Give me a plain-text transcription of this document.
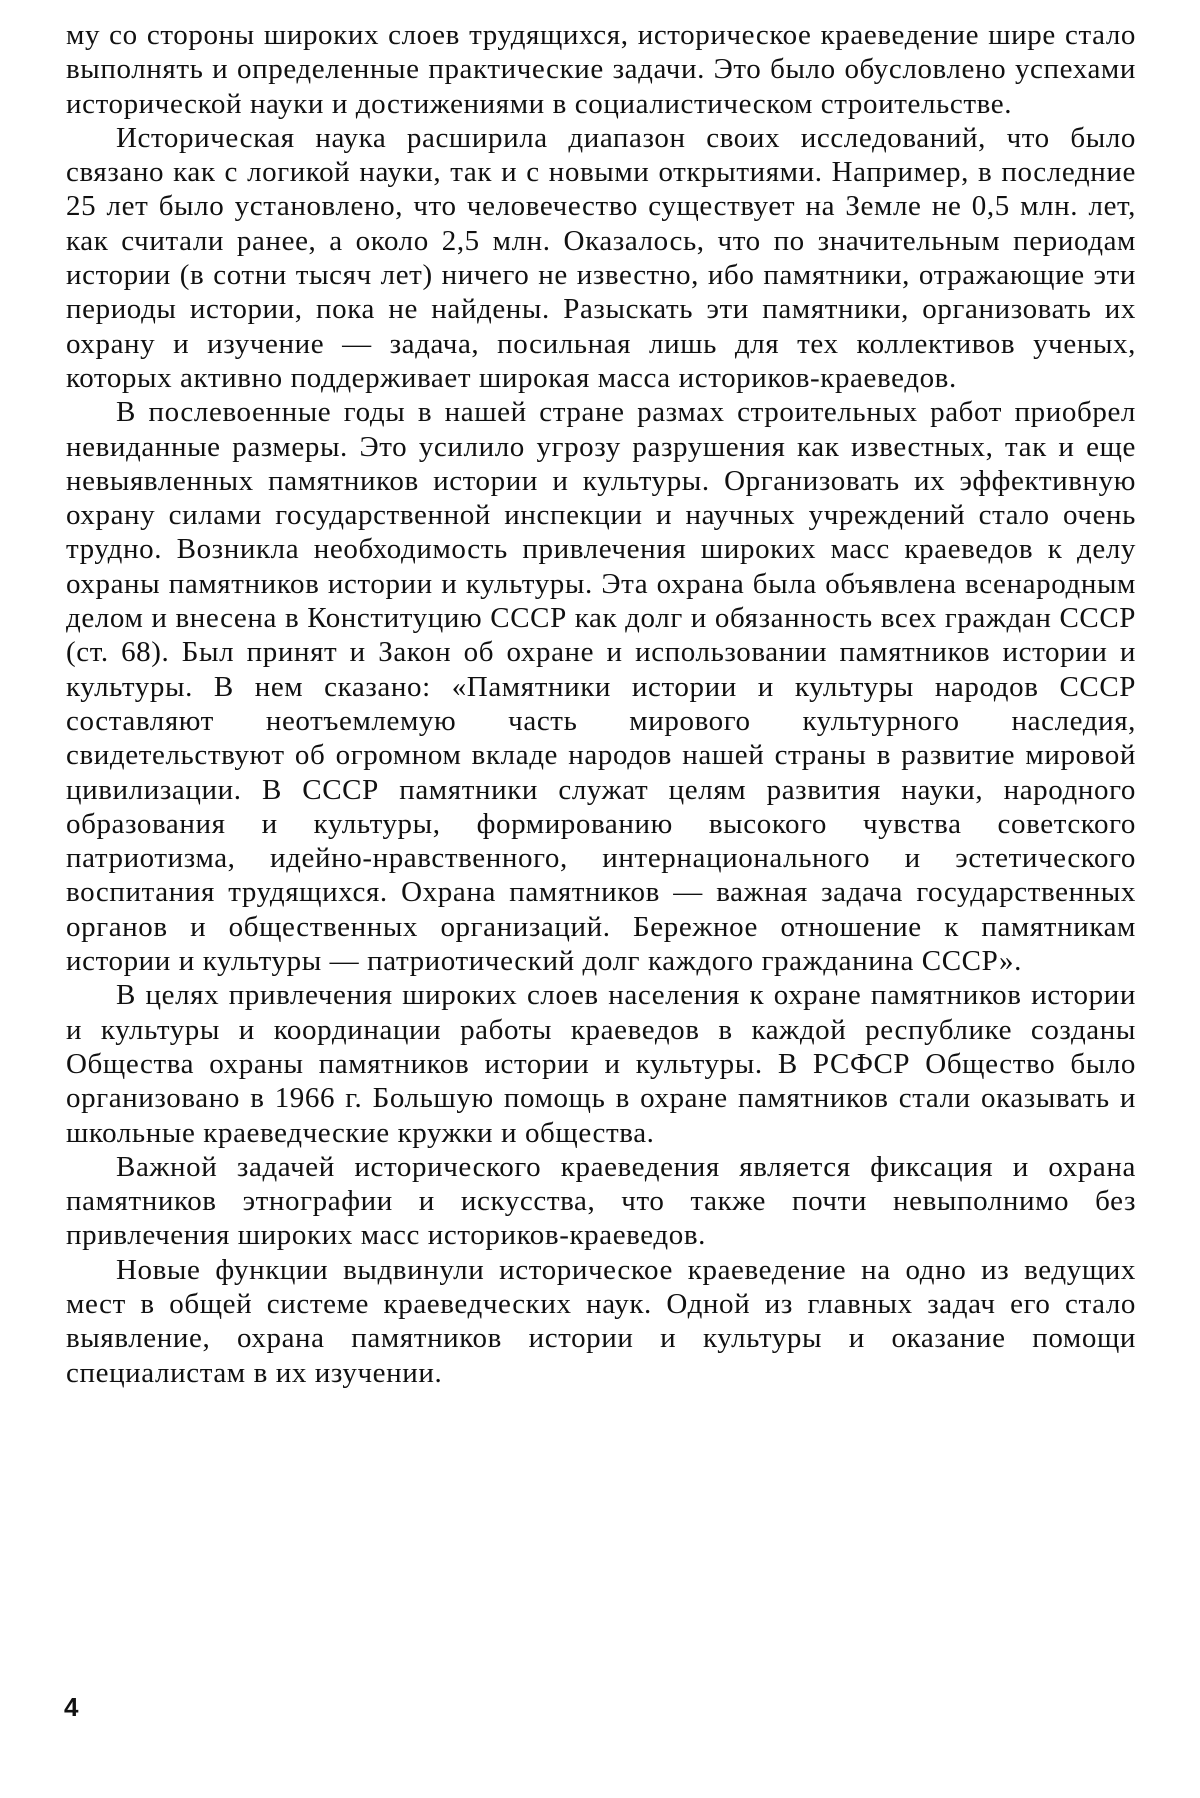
му со стороны широких слоев трудящихся, историческое краеведение шире стало выполнять и определенные практические задачи. Это было обусловлено успехами исторической науки и достижениями в социалистическом строительстве.

Историческая наука расширила диапазон своих исследований, что было связано как с логикой науки, так и с новыми открытиями. Например, в последние 25 лет было установлено, что человечество существует на Земле не 0,5 млн. лет, как считали ранее, а около 2,5 млн. Оказалось, что по значительным периодам истории (в сотни тысяч лет) ничего не известно, ибо памятники, отражающие эти периоды истории, пока не найдены. Разыскать эти памятники, организовать их охрану и изучение — задача, посильная лишь для тех коллективов ученых, которых активно поддерживает широкая масса историков-краеведов.

В послевоенные годы в нашей стране размах строительных работ приобрел невиданные размеры. Это усилило угрозу разрушения как известных, так и еще невыявленных памятников истории и культуры. Организовать их эффективную охрану силами государственной инспекции и научных учреждений стало очень трудно. Возникла необходимость привлечения широких масс краеведов к делу охраны памятников истории и культуры. Эта охрана была объявлена всенародным делом и внесена в Конституцию СССР как долг и обязанность всех граждан СССР (ст. 68). Был принят и Закон об охране и использовании памятников истории и культуры. В нем сказано: «Памятники истории и культуры народов СССР составляют неотъемлемую часть мирового культурного наследия, свидетельствуют об огромном вкладе народов нашей страны в развитие мировой цивилизации. В СССР памятники служат целям развития науки, народного образования и культуры, формированию высокого чувства советского патриотизма, идейно-нравственного, интернационального и эстетического воспитания трудящихся. Охрана памятников — важная задача государственных органов и общественных организаций. Бережное отношение к памятникам истории и культуры — патриотический долг каждого гражданина СССР».

В целях привлечения широких слоев населения к охране памятников истории и культуры и координации работы краеведов в каждой республике созданы Общества охраны памятников истории и культуры. В РСФСР Общество было организовано в 1966 г. Большую помощь в охране памятников стали оказывать и школьные краеведческие кружки и общества.

Важной задачей исторического краеведения является фиксация и охрана памятников этнографии и искусства, что также почти невыполнимо без привлечения широких масс историков-краеведов.

Новые функции выдвинули историческое краеведение на одно из ведущих мест в общей системе краеведческих наук. Одной из главных задач его стало выявление, охрана памятников истории и культуры и оказание помощи специалистам в их изучении.

4
